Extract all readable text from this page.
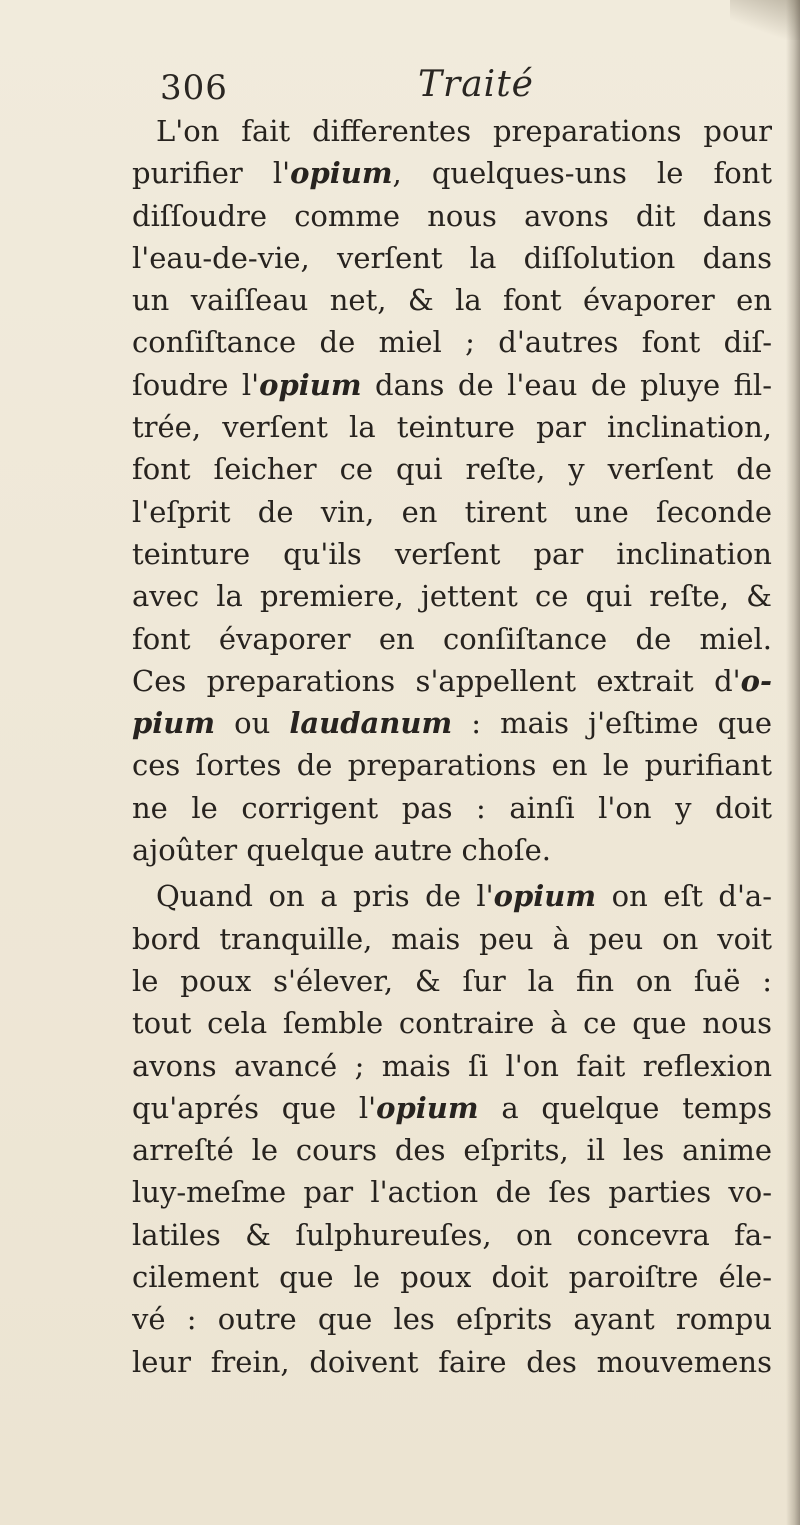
306	Traité
L'on fait differentes preparations pour
purifier l'opium, quelques-uns le font
diſſoudre comme nous avons dit dans
l'eau-de-vie, verſent la diſſolution dans
un vaiſſeau net, & la font évaporer en
conſiſtance de miel ; d'autres font diſ-
ſoudre l'opium dans de l'eau de pluye fil-
trée, verſent la teinture par inclination,
font ſeicher ce qui reſte, y verſent de
l'eſprit de vin, en tirent une ſeconde
teinture qu'ils verſent par inclination
avec la premiere, jettent ce qui reſte, &
font évaporer en conſiſtance de miel.
Ces preparations s'appellent extrait d'o-
pium ou laudanum : mais j'eſtime que
ces ſortes de preparations en le purifiant
ne le corrigent pas : ainſi l'on y doit
ajoûter quelque autre choſe.
Quand on a pris de l'opium on eſt d'a-
bord tranquille, mais peu à peu on voit
le poux s'élever, & ſur la fin on ſuë :
tout cela ſemble contraire à ce que nous
avons avancé ; mais ſi l'on fait reflexion
qu'aprés que l'opium a quelque temps
arreſté le cours des eſprits, il les anime
luy-meſme par l'action de ſes parties vo-
latiles & ſulphureuſes, on concevra fa-
cilement que le poux doit paroiſtre éle-
vé : outre que les eſprits ayant rompu
leur frein, doivent faire des mouvemens
